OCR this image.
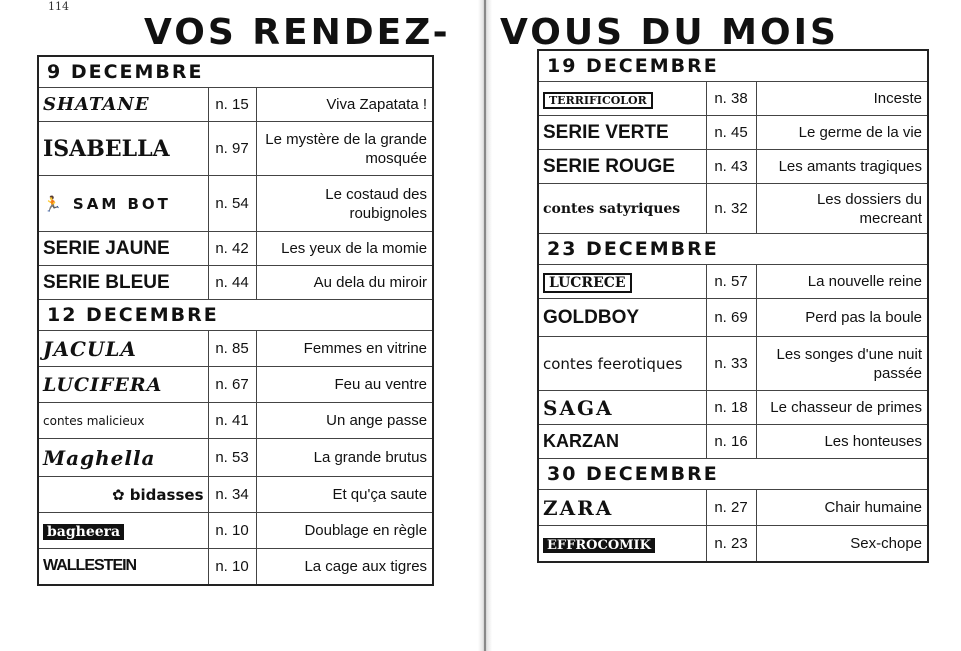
114
VOS RENDEZ- VOUS DU MOIS
9 DECEMBRE		
SHATANE	n. 15	Viva Zapatata !
ISABELLA	n. 97	Le mystère de la grande mosquée
🏃 SAM BOT	n. 54	Le costaud des roubignoles
SERIE JAUNE	n. 42	Les yeux de la momie
SERIE BLEUE	n. 44	Au dela du miroir
12 DECEMBRE		
JACULA	n. 85	Femmes en vitrine
LUCIFERA	n. 67	Feu au ventre
contes malicieux	n. 41	Un ange passe
Maghella	n. 53	La grande brutus
✿ bidasses	n. 34	Et qu'ça saute
bagheera	n. 10	Doublage en règle
WALLESTEIN	n. 10	La cage aux tigres
19 DECEMBRE		
TERRIFICOLOR	n. 38	Inceste
SERIE VERTE	n. 45	Le germe de la vie
SERIE ROUGE	n. 43	Les amants tragiques
contes satyriques	n. 32	Les dossiers du mecreant
23 DECEMBRE		
LUCRECE	n. 57	La nouvelle reine
GOLDBOY	n. 69	Perd pas la boule
contes feerotiques	n. 33	Les songes d'une nuit passée
SAGA	n. 18	Le chasseur de primes
KARZAN	n. 16	Les honteuses
30 DECEMBRE		
ZARA	n. 27	Chair humaine
EFFROCOMIK	n. 23	Sex-chope
